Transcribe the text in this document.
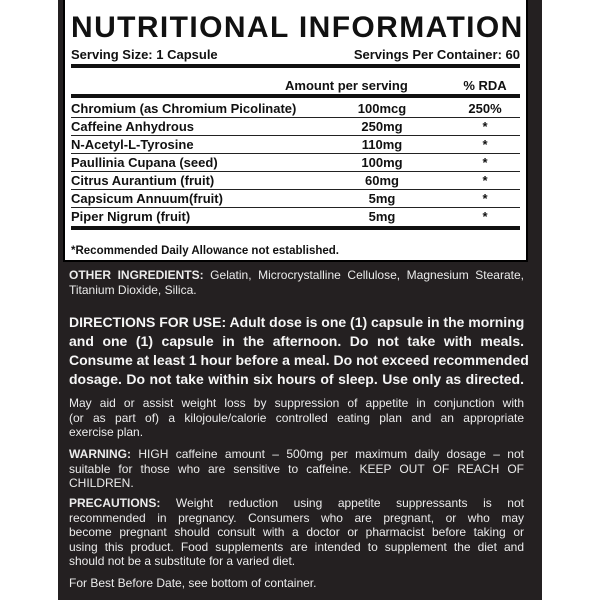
NUTRITIONAL INFORMATION
Serving Size: 1 Capsule	Servings Per Container: 60
Amount per serving	% RDA
Chromium (as Chromium Picolinate)	100mcg	250%
Caffeine Anhydrous	250mg	*
N-Acetyl-L-Tyrosine	110mg	*
Paullinia Cupana (seed)	100mg	*
Citrus Aurantium (fruit)	60mg	*
Capsicum Annuum(fruit)	5mg	*
Piper Nigrum (fruit)	5mg	*
*Recommended Daily Allowance not established.
OTHER INGREDIENTS: Gelatin, Microcrystalline Cellulose, Magnesium Stearate,
Titanium Dioxide, Silica.
DIRECTIONS FOR USE: Adult dose is one (1) capsule in the morning
and one (1) capsule in the afternoon. Do not take with meals.
Consume at least 1 hour before a meal. Do not exceed recommended
dosage. Do not take within six hours of sleep. Use only as directed.
May aid or assist weight loss by suppression of appetite in conjunction with
(or as part of) a kilojoule/calorie controlled eating plan and an appropriate
exercise plan.
WARNING: HIGH caffeine amount – 500mg per maximum daily dosage – not
suitable for those who are sensitive to caffeine. KEEP OUT OF REACH OF
CHILDREN.
PRECAUTIONS: Weight reduction using appetite suppressants is not
recommended in pregnancy. Consumers who are pregnant, or who may
become pregnant should consult with a doctor or pharmacist before taking or
using this product. Food supplements are intended to supplement the diet and
should not be a substitute for a varied diet.
For Best Before Date, see bottom of container.
